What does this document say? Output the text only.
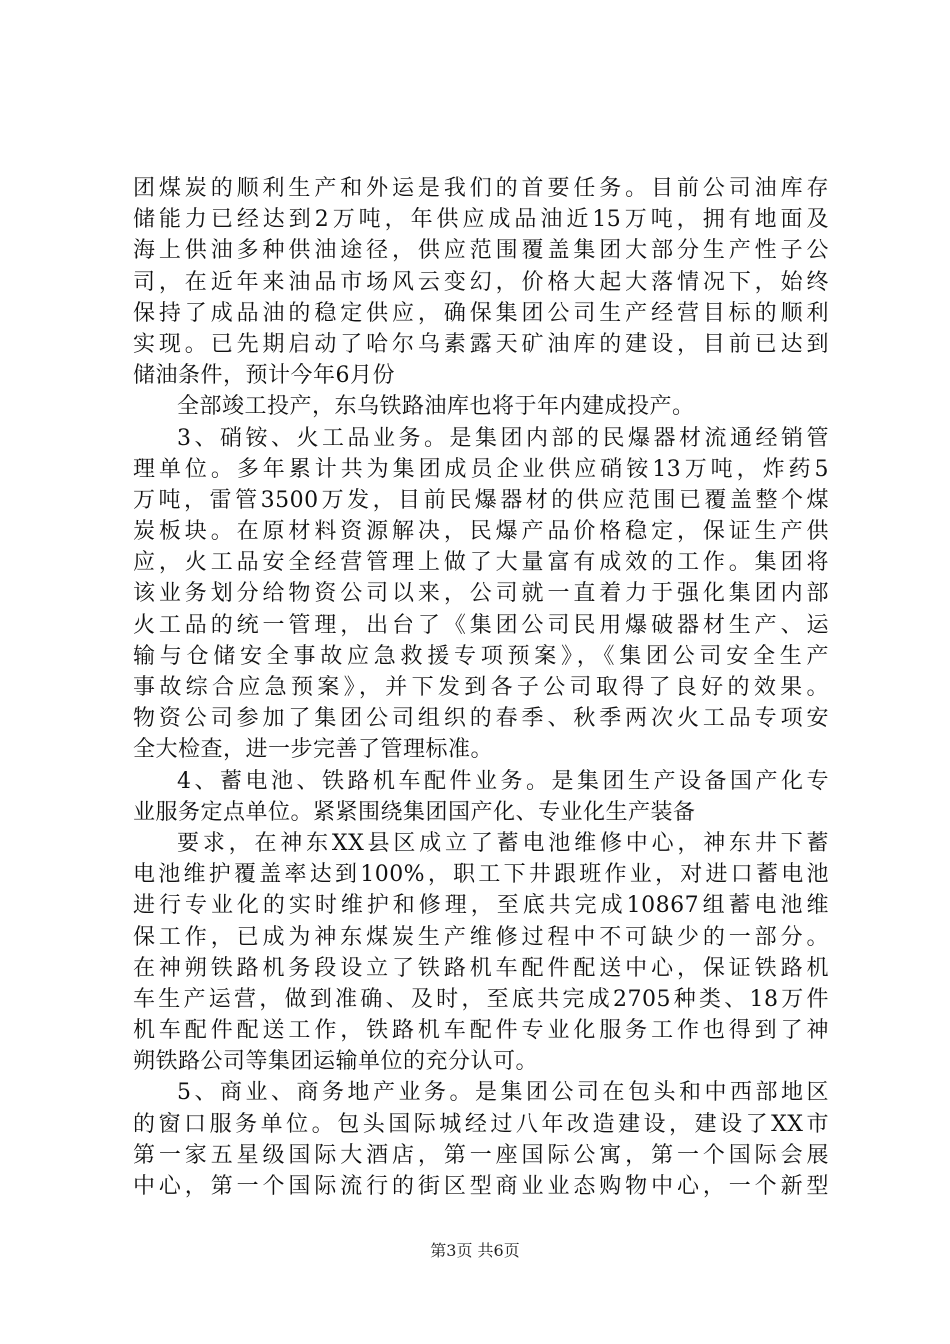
团煤炭的顺利生产和外运是我们的首要任务。目前公司油库存
储能力已经达到2万吨，年供应成品油近15万吨，拥有地面及
海上供油多种供油途径，供应范围覆盖集团大部分生产性子公
司，在近年来油品市场风云变幻，价格大起大落情况下，始终
保持了成品油的稳定供应，确保集团公司生产经营目标的顺利
实现。已先期启动了哈尔乌素露天矿油库的建设，目前已达到
储油条件，预计今年6月份
全部竣工投产，东乌铁路油库也将于年内建成投产。
3、硝铵、火工品业务。是集团内部的民爆器材流通经销管
理单位。多年累计共为集团成员企业供应硝铵13万吨，炸药5
万吨，雷管3500万发，目前民爆器材的供应范围已覆盖整个煤
炭板块。在原材料资源解决，民爆产品价格稳定，保证生产供
应，火工品安全经营管理上做了大量富有成效的工作。集团将
该业务划分给物资公司以来，公司就一直着力于强化集团内部
火工品的统一管理，出台了《集团公司民用爆破器材生产、运
输与仓储安全事故应急救援专项预案》，《集团公司安全生产
事故综合应急预案》，并下发到各子公司取得了良好的效果。
物资公司参加了集团公司组织的春季、秋季两次火工品专项安
全大检查，进一步完善了管理标准。
4、蓄电池、铁路机车配件业务。是集团生产设备国产化专
业服务定点单位。紧紧围绕集团国产化、专业化生产装备
要求，在神东XX县区成立了蓄电池维修中心，神东井下蓄
电池维护覆盖率达到100%，职工下井跟班作业，对进口蓄电池
进行专业化的实时维护和修理，至底共完成10867组蓄电池维
保工作，已成为神东煤炭生产维修过程中不可缺少的一部分。
在神朔铁路机务段设立了铁路机车配件配送中心，保证铁路机
车生产运营，做到准确、及时，至底共完成2705种类、18万件
机车配件配送工作，铁路机车配件专业化服务工作也得到了神
朔铁路公司等集团运输单位的充分认可。
5、商业、商务地产业务。是集团公司在包头和中西部地区
的窗口服务单位。包头国际城经过八年改造建设，建设了XX市
第一家五星级国际大酒店，第一座国际公寓，第一个国际会展
中心，第一个国际流行的街区型商业业态购物中心，一个新型
第3页 共6页
